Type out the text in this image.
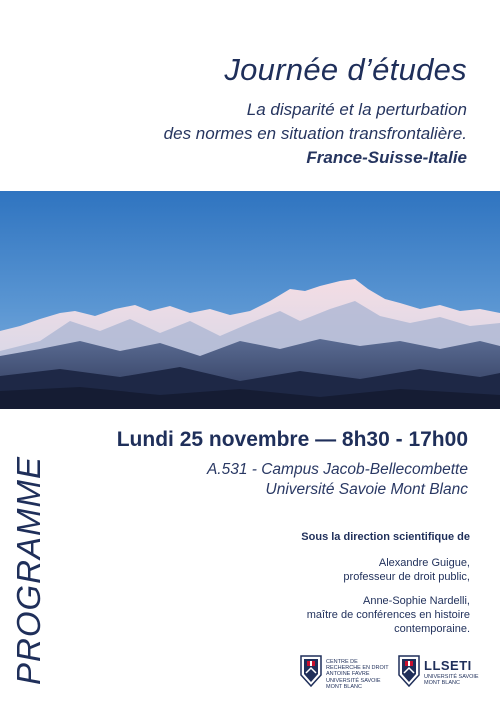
Journée d’études
La disparité et la perturbation
des normes en situation transfrontalière.
France-Suisse-Italie
PROGRAMME
Lundi 25 novembre — 8h30 - 17h00
A.531 - Campus Jacob-Bellecombette
Université Savoie Mont Blanc
Sous la direction scientifique de
Alexandre Guigue,
professeur de droit public,
Anne-Sophie Nardelli,
maître de conférences en histoire
contemporaine.
CENTRE DE
RECHERCHE EN DROIT
ANTOINE FAVRE
UNIVERSITÉ SAVOIE
MONT BLANC
LLSETI
UNIVERSITÉ SAVOIE
MONT BLANC
